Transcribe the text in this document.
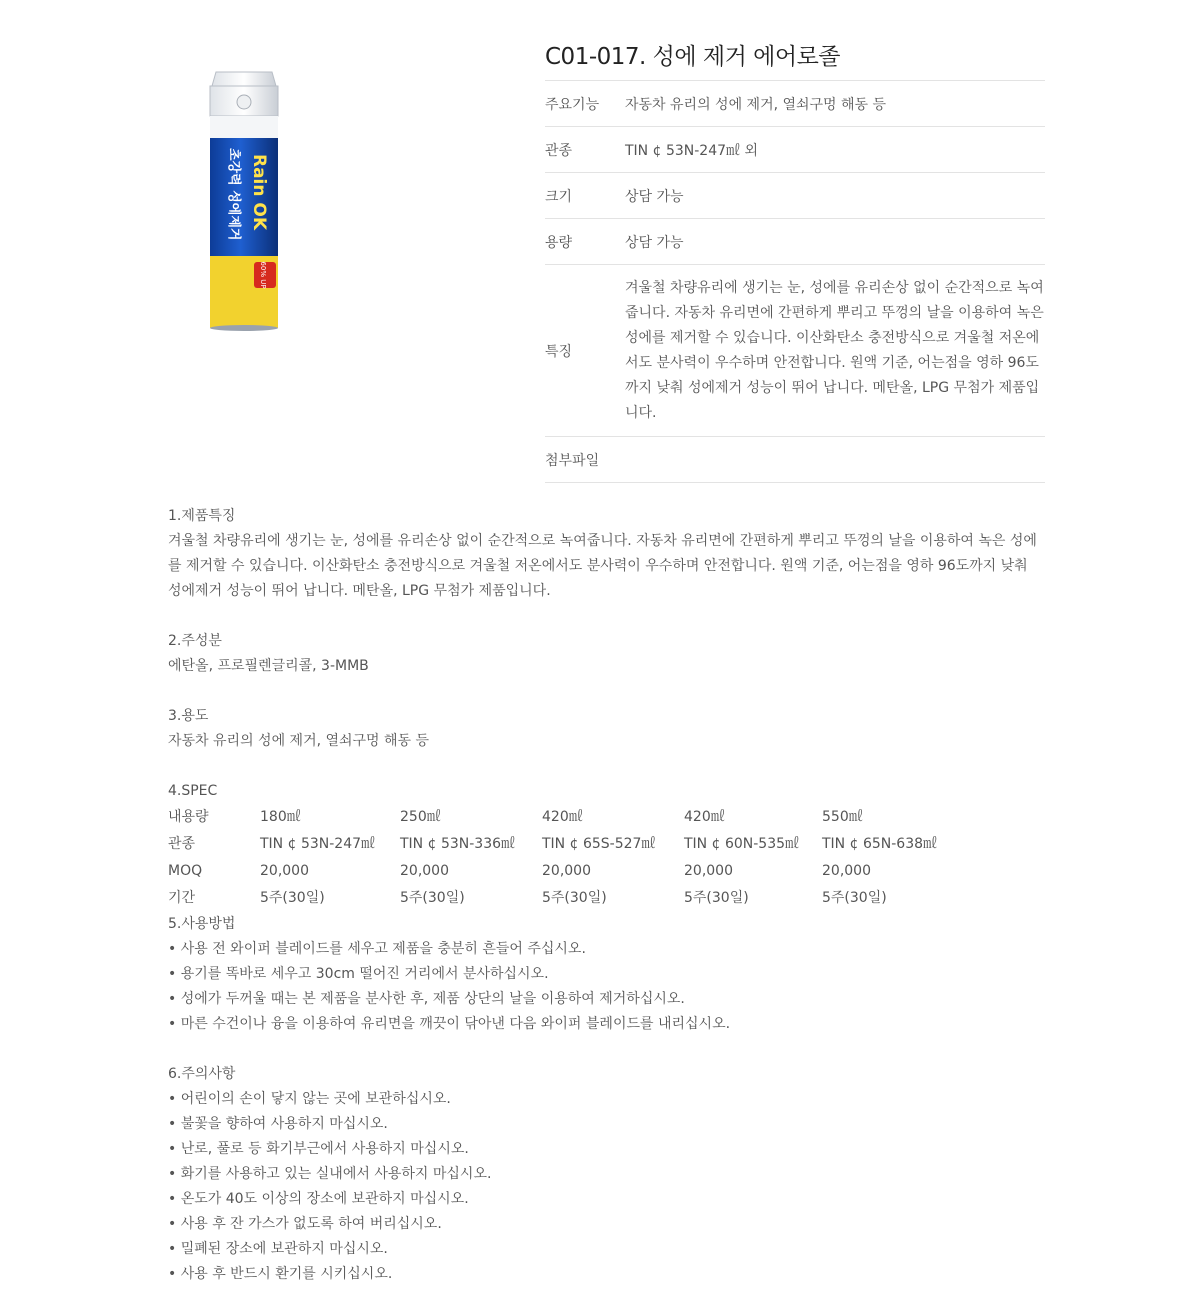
60% UP
Rain OK
초강력 성에제거
C01-017. 성에 제거 에어로졸
주요기능	자동차 유리의 성에 제거, 열쇠구멍 해동 등
관종	TIN ¢ 53N-247㎖ 외
크기	상담 가능
용량	상담 가능
특징	겨울철 차량유리에 생기는 눈, 성에를 유리손상 없이 순간적으로 녹여줍니다. 자동차 유리면에 간편하게 뿌리고 뚜껑의 날을 이용하여 녹은 성에를 제거할 수 있습니다. 이산화탄소 충전방식으로 겨울철 저온에서도 분사력이 우수하며 안전합니다. 원액 기준, 어는점을 영하 96도까지 낮춰 성에제거 성능이 뛰어 납니다. 메탄올, LPG 무첨가 제품입니다.
첨부파일	

1.제품특징

겨울철 차량유리에 생기는 눈, 성에를 유리손상 없이 순간적으로 녹여줍니다. 자동차 유리면에 간편하게 뿌리고 뚜껑의 날을 이용하여 녹은 성에를 제거할 수 있습니다. 이산화탄소 충전방식으로 겨울철 저온에서도 분사력이 우수하며 안전합니다. 원액 기준, 어는점을 영하 96도까지 낮춰 성에제거 성능이 뛰어 납니다. 메탄올, LPG 무첨가 제품입니다.

2.주성분

에탄올, 프로필렌글리콜, 3-MMB

3.용도

자동차 유리의 성에 제거, 열쇠구멍 해동 등

4.SPEC

내용량	180㎖	250㎖	420㎖	420㎖	550㎖
관종	TIN ¢ 53N-247㎖	TIN ¢ 53N-336㎖	TIN ¢ 65S-527㎖	TIN ¢ 60N-535㎖	TIN ¢ 65N-638㎖
MOQ	20,000	20,000	20,000	20,000	20,000
기간	5주(30일)	5주(30일)	5주(30일)	5주(30일)	5주(30일)

5.사용방법

• 사용 전 와이퍼 블레이드를 세우고 제품을 충분히 흔들어 주십시오.

• 용기를 똑바로 세우고 30cm 떨어진 거리에서 분사하십시오.

• 성에가 두꺼울 때는 본 제품을 분사한 후, 제품 상단의 날을 이용하여 제거하십시오.

• 마른 수건이나 융을 이용하여 유리면을 깨끗이 닦아낸 다음 와이퍼 블레이드를 내리십시오.

6.주의사항

• 어린이의 손이 닿지 않는 곳에 보관하십시오.

• 불꽃을 향하여 사용하지 마십시오.

• 난로, 풀로 등 화기부근에서 사용하지 마십시오.

• 화기를 사용하고 있는 실내에서 사용하지 마십시오.

• 온도가 40도 이상의 장소에 보관하지 마십시오.

• 사용 후 잔 가스가 없도록 하여 버리십시오.

• 밀폐된 장소에 보관하지 마십시오.

• 사용 후 반드시 환기를 시키십시오.
